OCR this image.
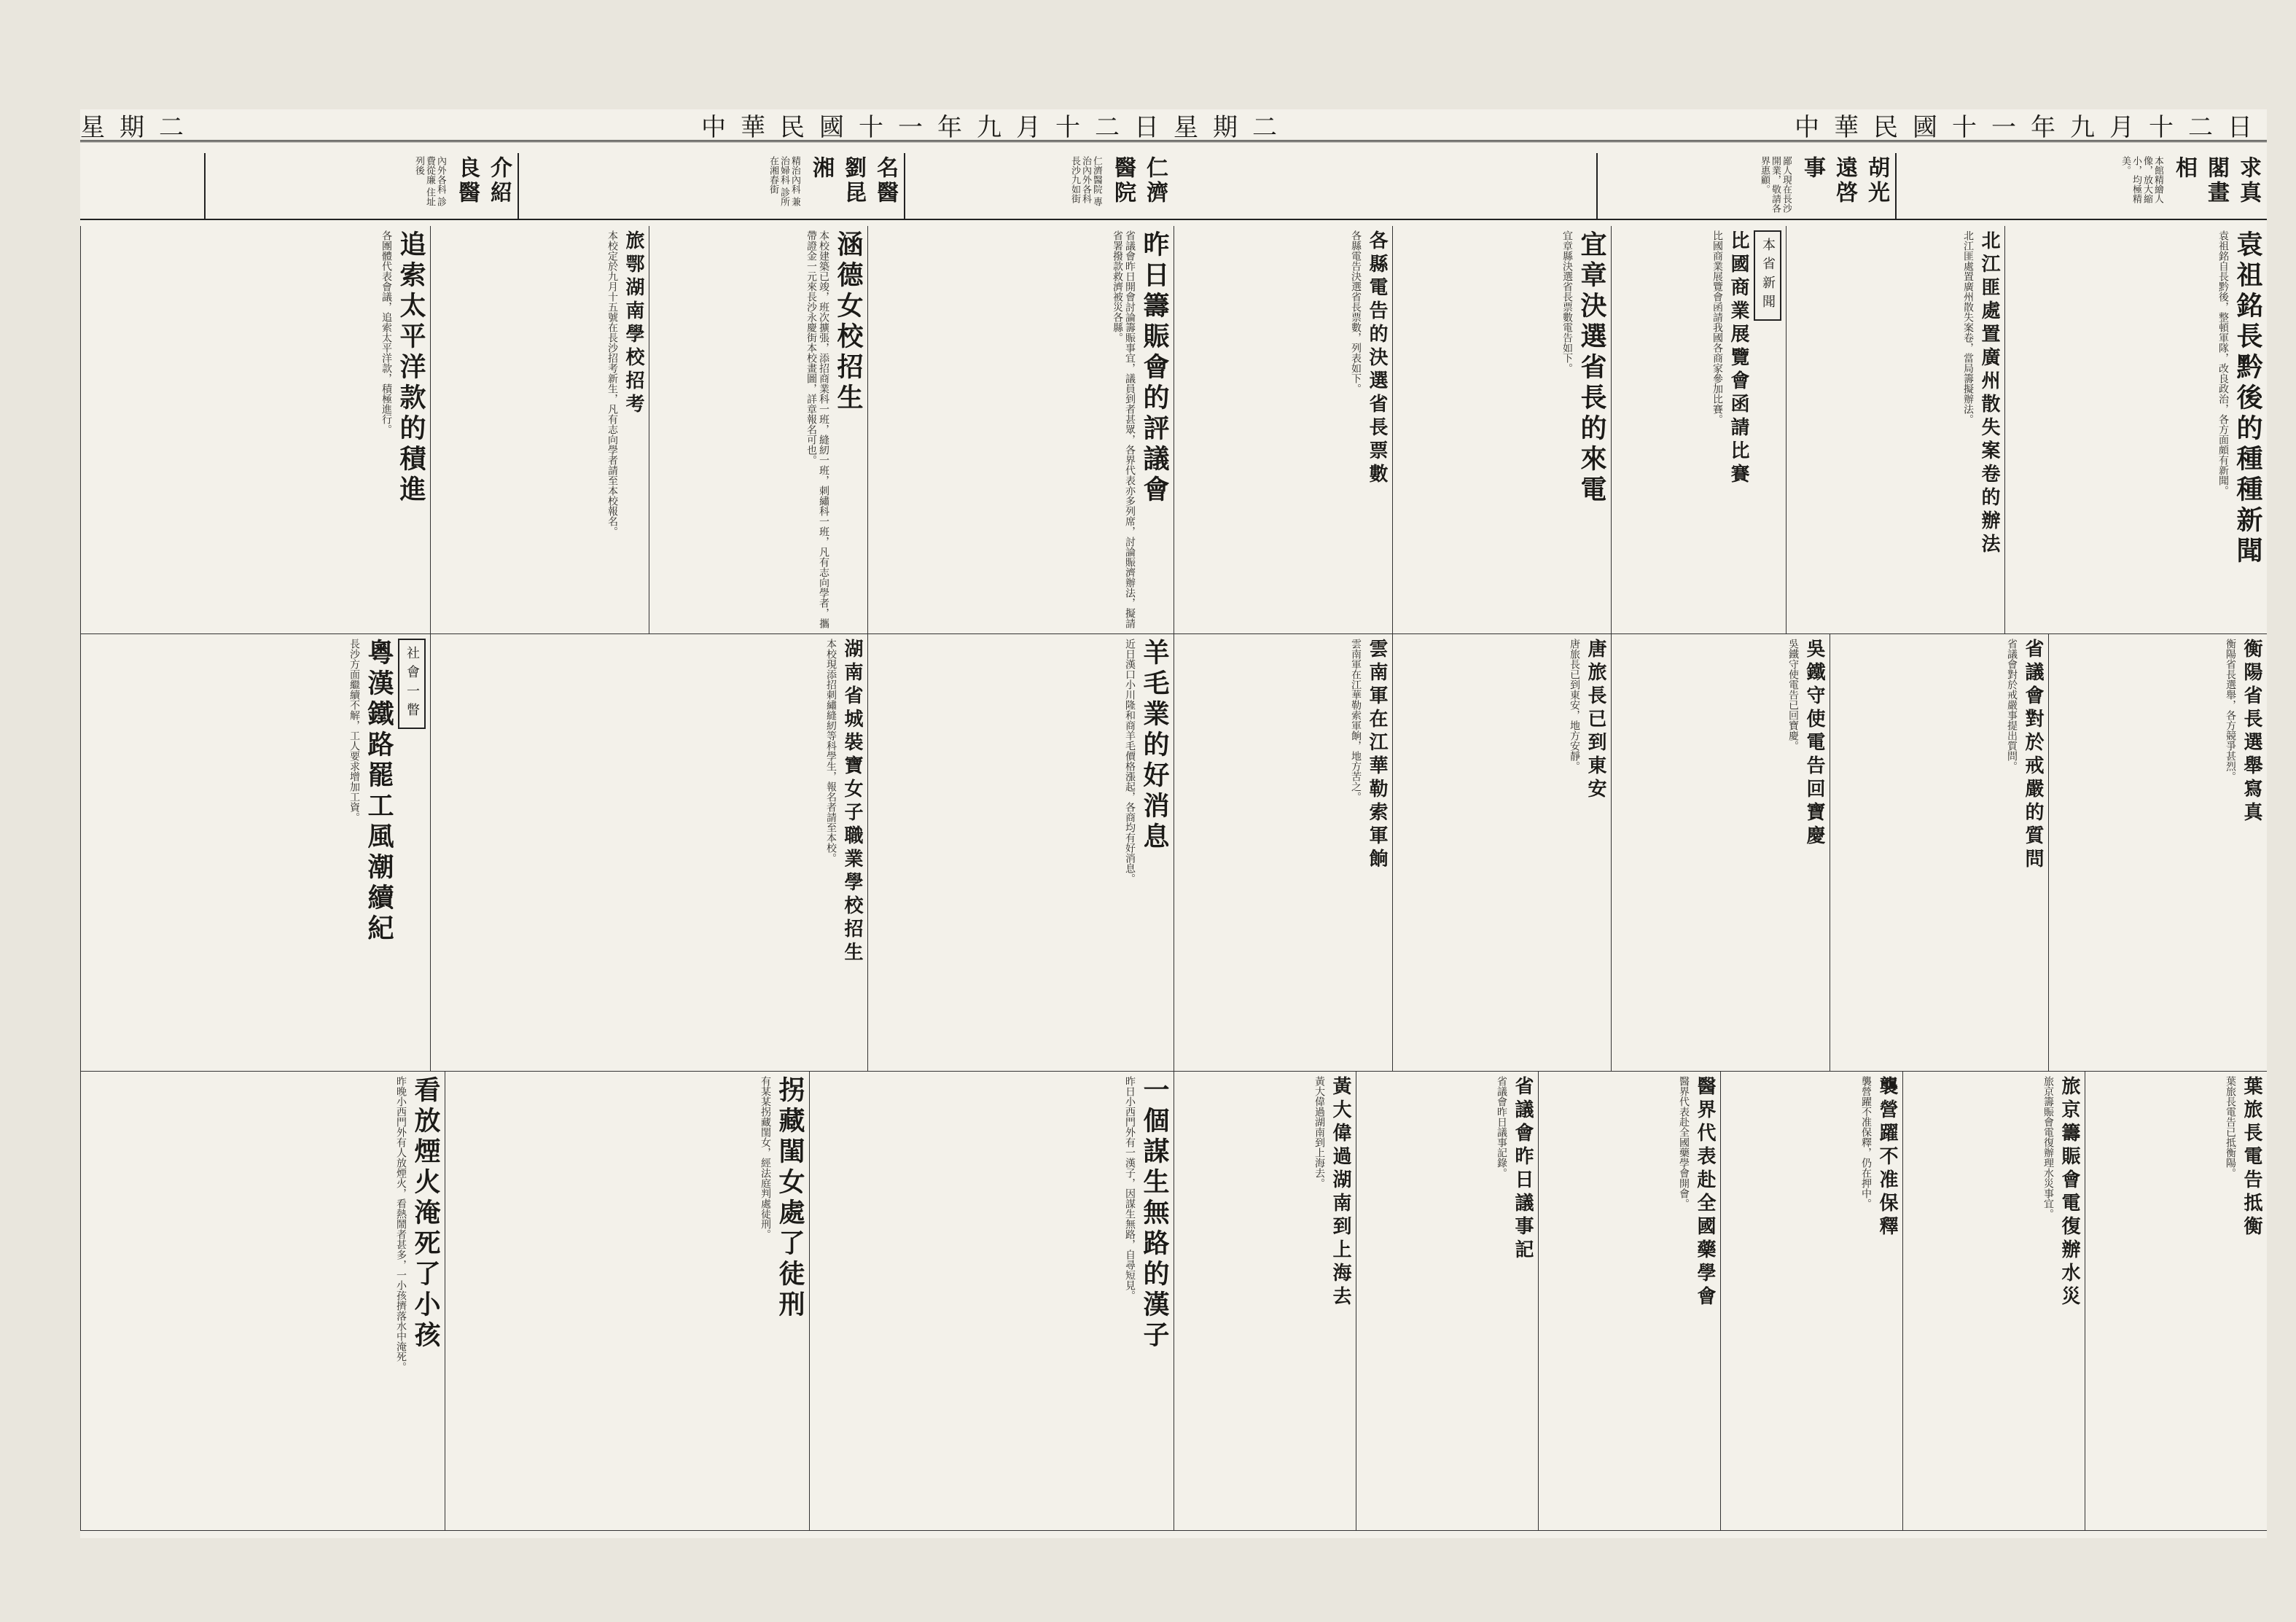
星期二	中華民國十一年九月十二日
仁濟醫院
仁濟醫院 專治內外各科 長沙九如街
名醫劉昆湘
精治內科 兼治婦科 診所在湘春街
介紹良醫
內外各科 診費從廉 住址列後
昨日籌賑會的評議會
省議會昨日開會討論籌賑事宜，議員到者甚眾，各界代表亦多列席，討論賑濟辦法，擬請省署撥款救濟被災各縣。
涵德女校招生
本校建築已竣，班次擴張，添招商業科一班，縫紉一班，刺繡科一班，凡有志向學者，攜帶證金一元來長沙永慶街本校畫圖，詳章報名可也。
旅鄂湖南學校招考
本校定於九月十五號在長沙招考新生，凡有志向學者請至本校報名。
追索太平洋款的積進
各團體代表會議，追索太平洋款，積極進行。
羊毛業的好消息
近日漢口小川隆和商羊毛價格漲起，各商均有好消息。
湖南省城裝寶女子職業學校招生
本校現添招刺繡縫紉等科學生，報名者請至本校。
社會一瞥
粵漢鐵路罷工風潮續紀
長沙方面繼續不解，工人要求增加工資。
一個謀生無路的漢子
昨日小西門外有一漢子，因謀生無路，自尋短見。
拐藏閨女處了徒刑
有某某拐藏閨女，經法庭判處徒刑。
看放煙火淹死了小孩
昨晚小西門外有人放煙火，看熱鬧者甚多，一小孩擠落水中淹死。
星期二	中華民國十一年九月十二日
求真閣畫相
本館精繪人像，放大縮小，均極精美。
胡光遠啓事
鄙人現在長沙開業，敬請各界惠顧。
袁祖銘長黔後的種種新聞
袁祖銘自長黔後，整頓軍隊，改良政治，各方面頗有新聞。
北江匪處置廣州散失案卷的辦法
北江匪處置廣州散失案卷，當局籌擬辦法。
本省新聞
比國商業展覽會函請比賽
比國商業展覽會函請我國各商家參加比賽。
宜章決選省長的來電
宜章縣決選省長票數電告如下。
各縣電告的決選省長票數
各縣電告決選省長票數，列表如下。
衡陽省長選舉寫真
衡陽省長選舉，各方競爭甚烈。
省議會對於戒嚴的質問
省議會對於戒嚴事提出質問。
吳鐵守使電告回寶慶
吳鐵守使電告已回寶慶。
唐旅長已到東安
唐旅長已到東安，地方安靜。
雲南軍在江華勒索軍餉
雲南軍在江華勒索軍餉，地方苦之。
葉旅長電告抵衡
葉旅長電告已抵衡陽。
旅京籌賑會電復辦水災
旅京籌賑會電復辦理水災事宜。
襲營躍不准保釋
襲營躍不准保釋，仍在押中。
醫界代表赴全國藥學會
醫界代表赴全國藥學會開會。
省議會昨日議事記
省議會昨日議事記錄。
黃大偉過湖南到上海去
黃大偉過湖南到上海去。
